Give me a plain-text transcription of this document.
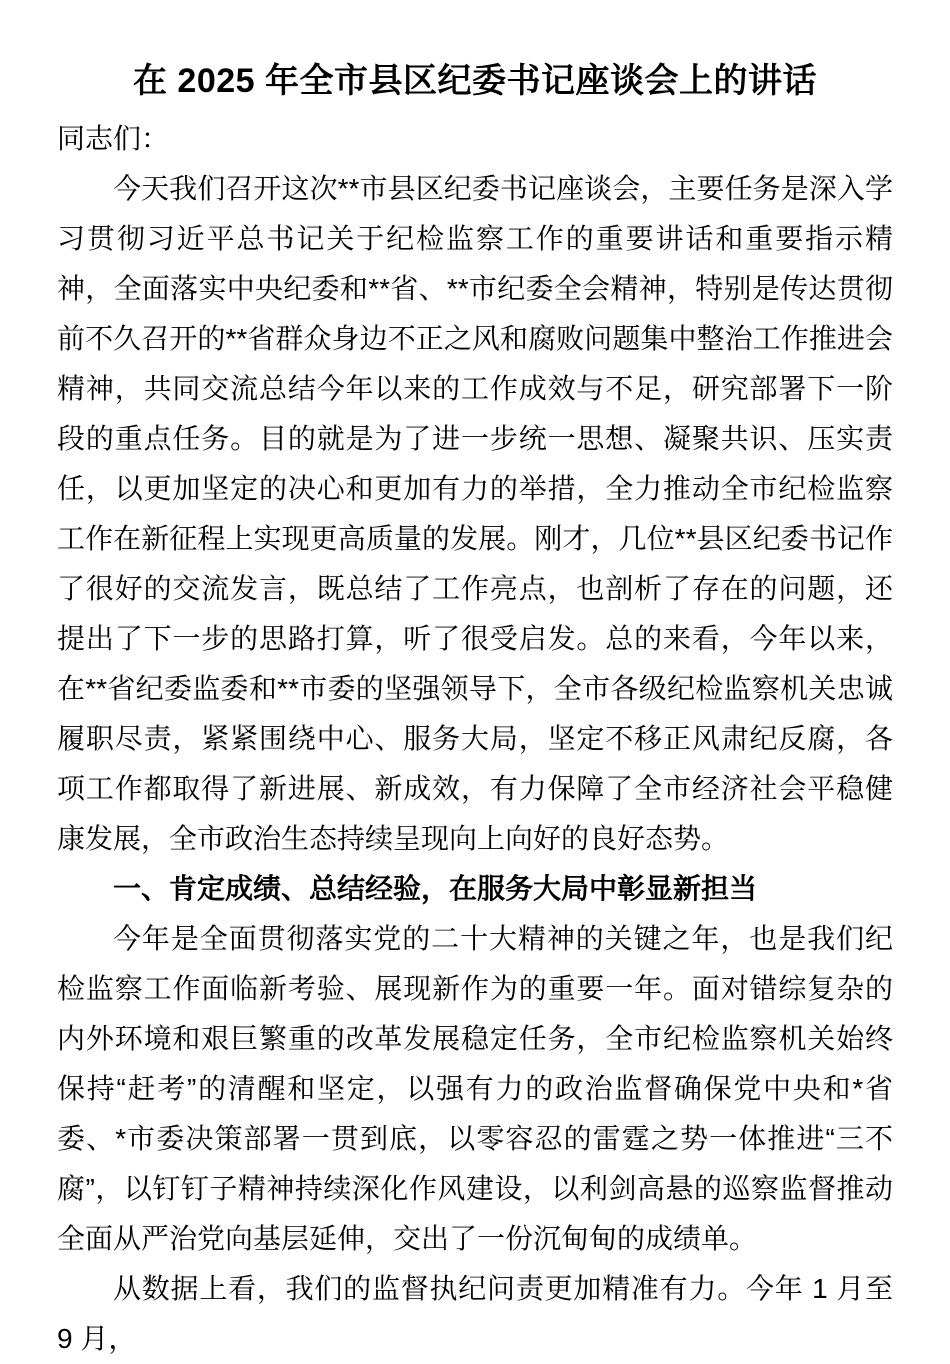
在 2025 年全市县区纪委书记座谈会上的讲话

同志们：

今天我们召开这次**市县区纪委书记座谈会，主要任务是深入学习贯彻习近平总书记关于纪检监察工作的重要讲话和重要指示精神，全面落实中央纪委和**省、**市纪委全会精神，特别是传达贯彻前不久召开的**省群众身边不正之风和腐败问题集中整治工作推进会精神，共同交流总结今年以来的工作成效与不足，研究部署下一阶段的重点任务。目的就是为了进一步统一思想、凝聚共识、压实责任，以更加坚定的决心和更加有力的举措，全力推动全市纪检监察工作在新征程上实现更高质量的发展。刚才，几位**县区纪委书记作了很好的交流发言，既总结了工作亮点，也剖析了存在的问题，还提出了下一步的思路打算，听了很受启发。总的来看，今年以来，在**省纪委监委和**市委的坚强领导下，全市各级纪检监察机关忠诚履职尽责，紧紧围绕中心、服务大局，坚定不移正风肃纪反腐，各项工作都取得了新进展、新成效，有力保障了全市经济社会平稳健康发展，全市政治生态持续呈现向上向好的良好态势。

一、肯定成绩、总结经验，在服务大局中彰显新担当

今年是全面贯彻落实党的二十大精神的关键之年，也是我们纪检监察工作面临新考验、展现新作为的重要一年。面对错综复杂的内外环境和艰巨繁重的改革发展稳定任务，全市纪检监察机关始终保持“赶考”的清醒和坚定，以强有力的政治监督确保党中央和*省委、*市委决策部署一贯到底，以零容忍的雷霆之势一体推进“三不腐”，以钉钉子精神持续深化作风建设，以利剑高悬的巡察监督推动全面从严治党向基层延伸，交出了一份沉甸甸的成绩单。

从数据上看，我们的监督执纪问责更加精准有力。今年 1 月至 9 月，
